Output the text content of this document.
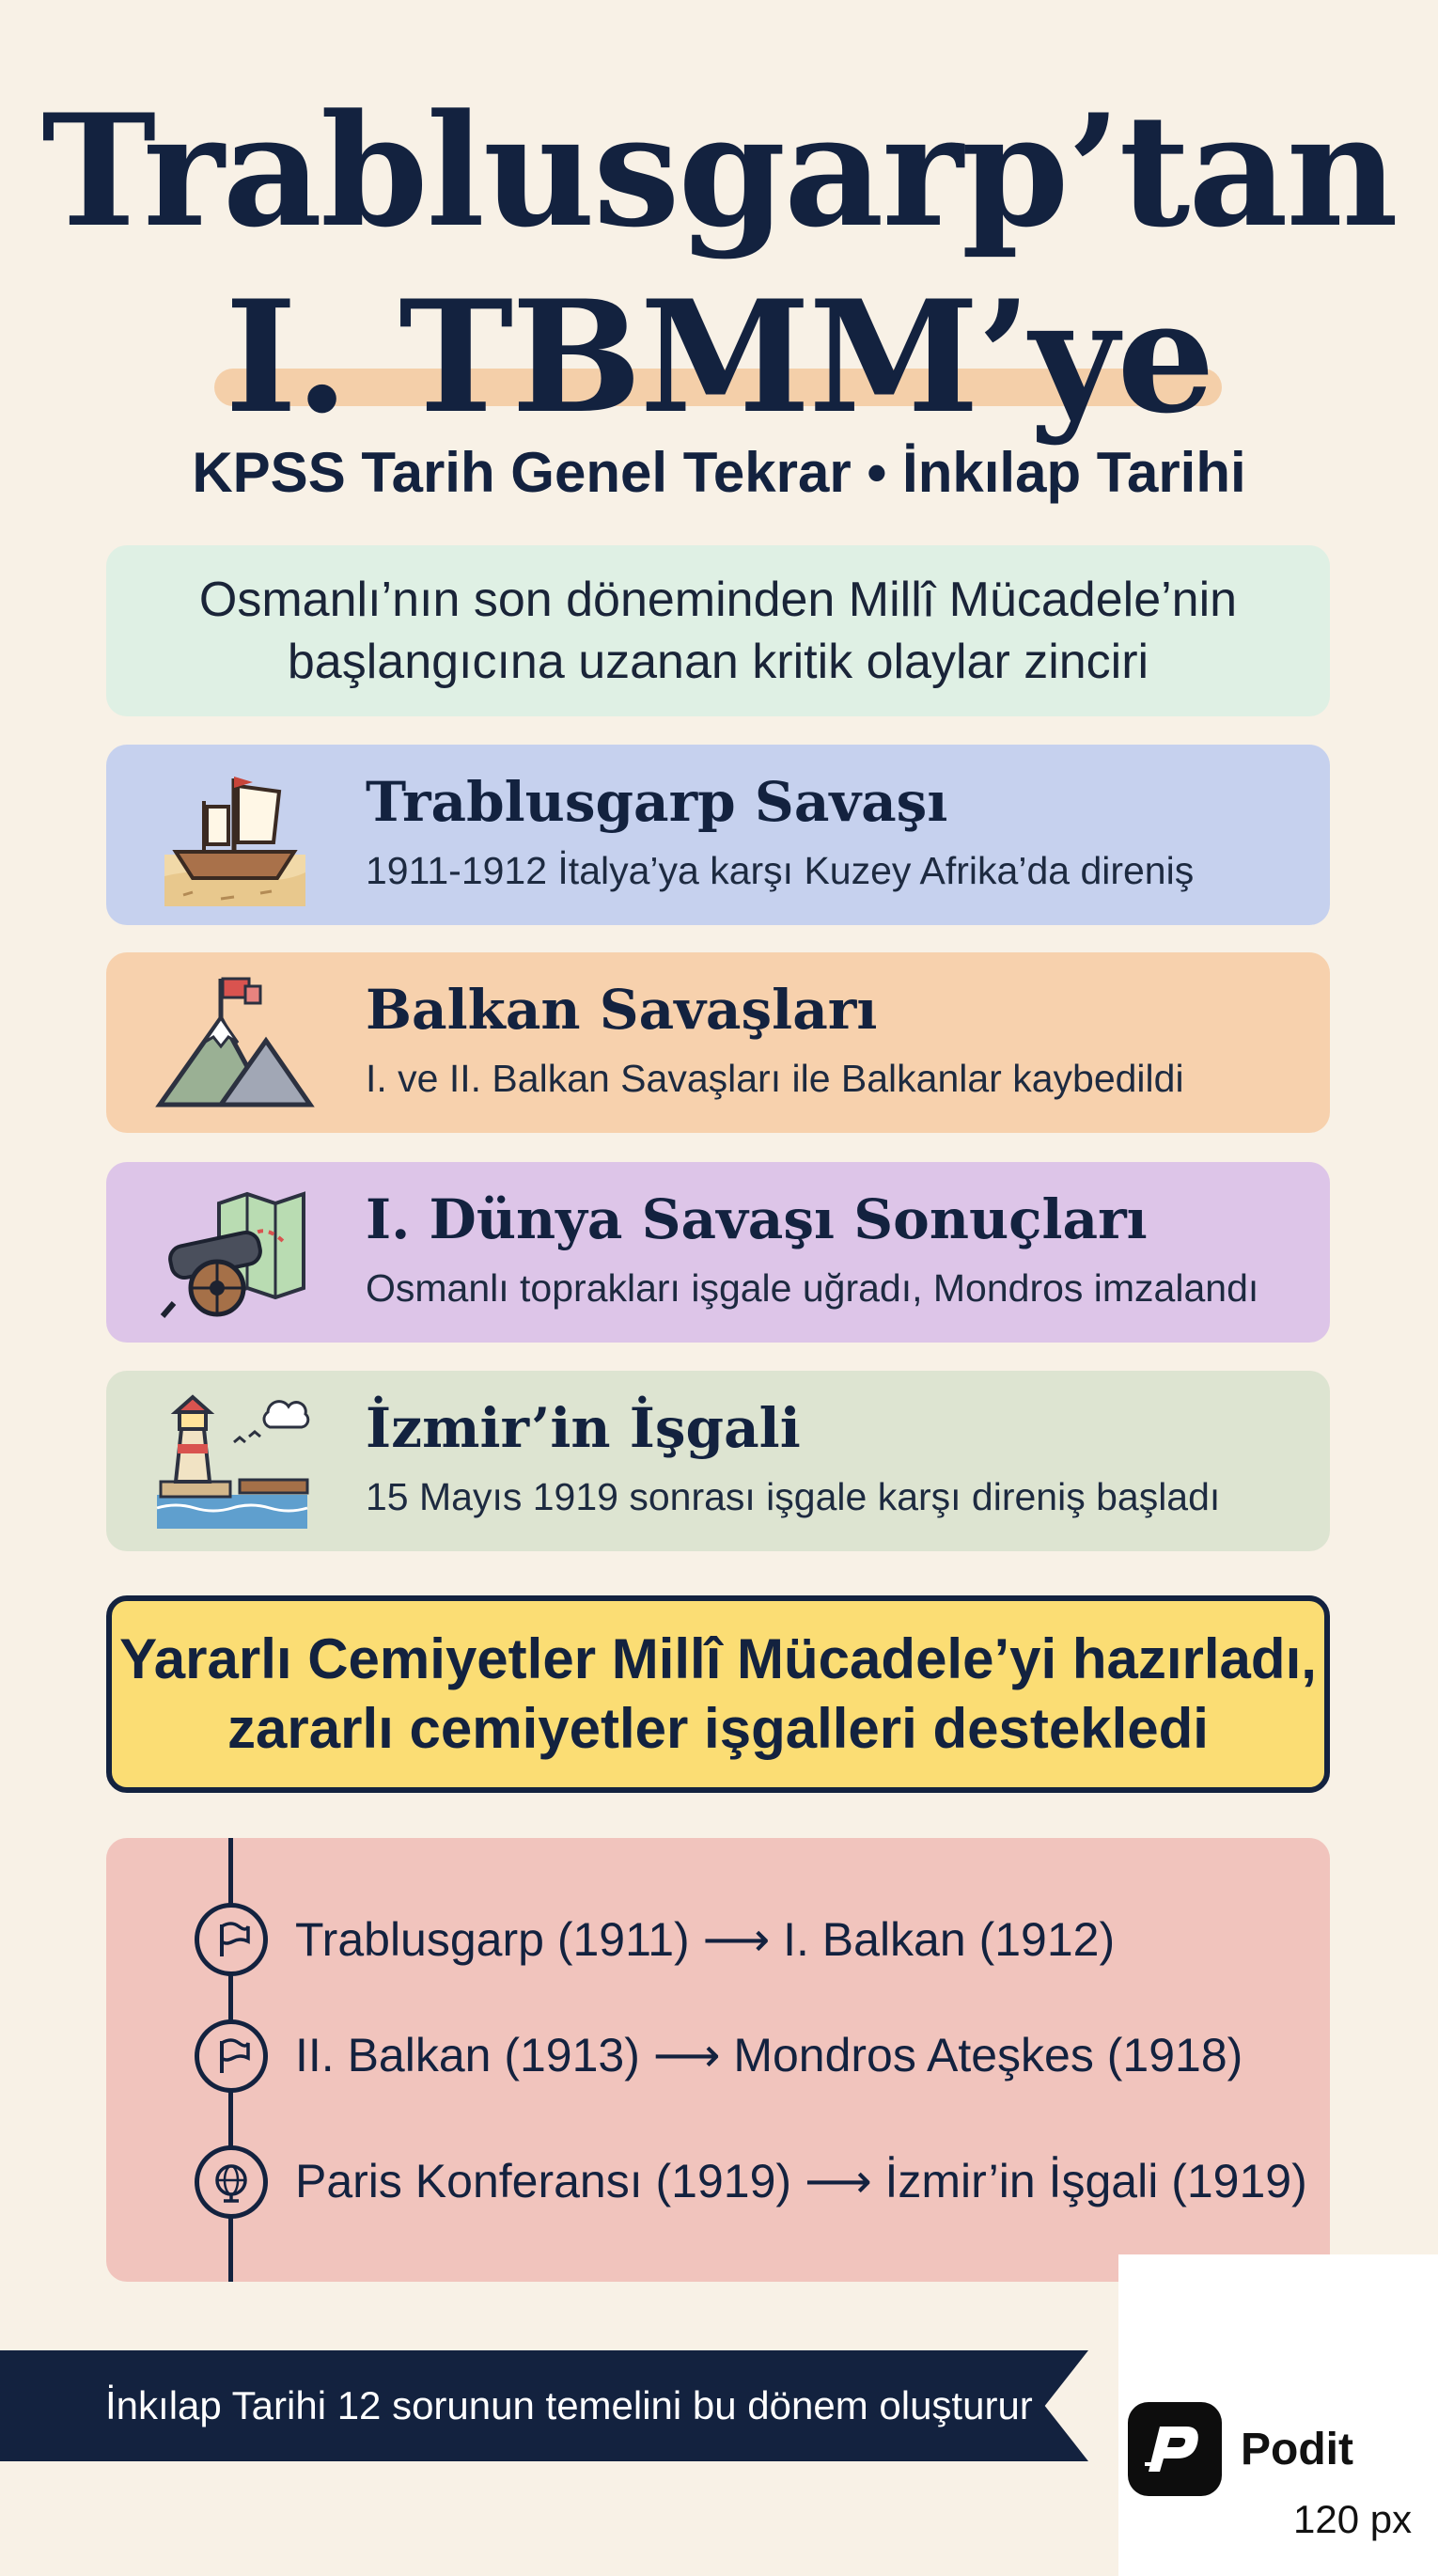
Trablusgarp’tan
I. TBMM’ye
KPSS Tarih Genel Tekrar • İnkılap Tarihi
Osmanlı’nın son döneminden Millî Mücadele’nin
başlangıcına uzanan kritik olaylar zinciri
Trablusgarp Savaşı
1911-1912 İtalya’ya karşı Kuzey Afrika’da direniş
Balkan Savaşları
I. ve II. Balkan Savaşları ile Balkanlar kaybedildi
I. Dünya Savaşı Sonuçları
Osmanlı toprakları işgale uğradı, Mondros imzalandı
İzmir’in İşgali
15 Mayıs 1919 sonrası işgale karşı direniş başladı
Yararlı Cemiyetler Millî Mücadele’yi hazırladı,
zararlı cemiyetler işgalleri destekledi
Trablusgarp (1911) ⟶ I. Balkan (1912)
II. Balkan (1913) ⟶ Mondros Ateşkes (1918)
Paris Konferansı (1919) ⟶ İzmir’in İşgali (1919)
İnkılap Tarihi 12 sorunun temelini bu dönem oluşturur
Podit
120 px
